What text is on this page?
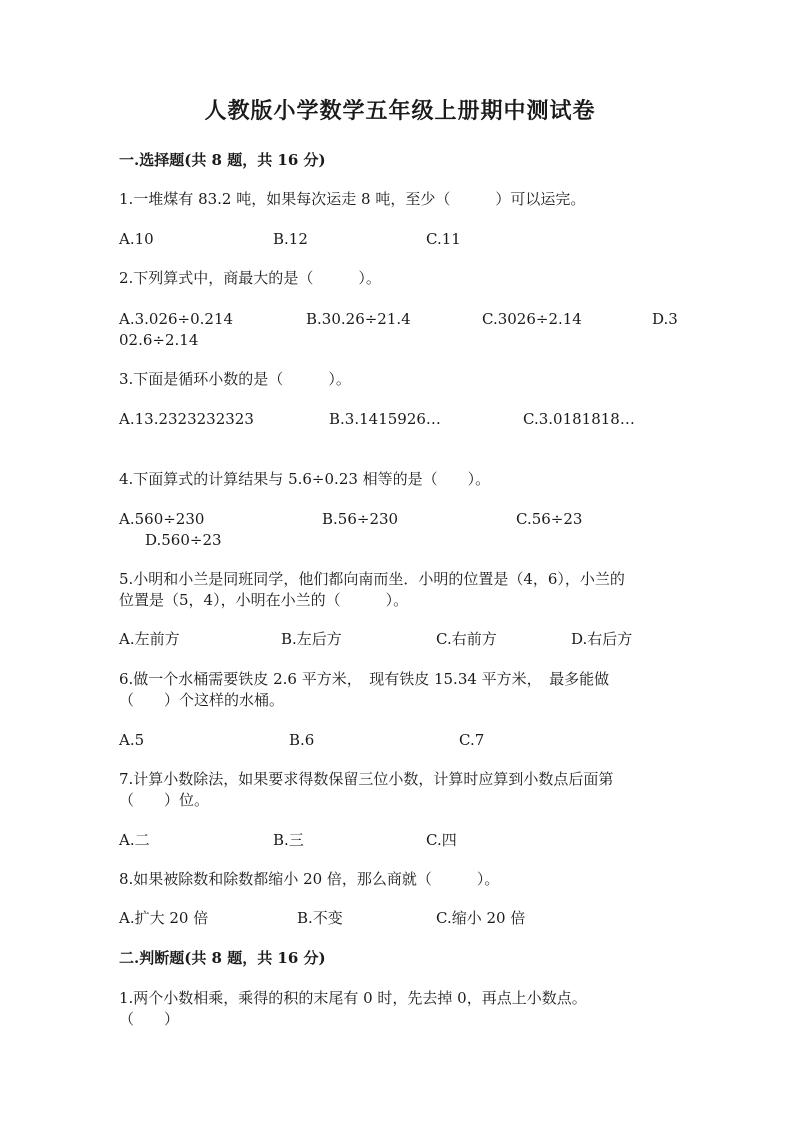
人教版小学数学五年级上册期中测试卷
一.选择题(共 8 题，共 16 分)
1.一堆煤有 83.2 吨，如果每次运走 8 吨，至少（　　　）可以运完。
A.10	B.12	C.11
2.下列算式中，商最大的是（　　　）。
A.3.026÷0.214	B.30.26÷21.4	C.3026÷2.14	D.3
02.6÷2.14
3.下面是循环小数的是（　　　）。
A.13.2323232323	B.3.1415926…	C.3.0181818…
4.下面算式的计算结果与 5.6÷0.23 相等的是（　　）。
A.560÷230	B.56÷230	C.56÷23
D.560÷23
5.小明和小兰是同班同学，他们都向南而坐．小明的位置是（4，6），小兰的
位置是（5，4），小明在小兰的（　　　）。
A.左前方	B.左后方	C.右前方	D.右后方
6.做一个水桶需要铁皮 2.6 平方米，　现有铁皮 15.34 平方米，　最多能做
（　　）个这样的水桶。
A.5	B.6	C.7
7.计算小数除法，如果要求得数保留三位小数，计算时应算到小数点后面第
（　　）位。
A.二	B.三	C.四
8.如果被除数和除数都缩小 20 倍，那么商就（　　　）。
A.扩大 20 倍	B.不变	C.缩小 20 倍
二.判断题(共 8 题，共 16 分)
1.两个小数相乘，乘得的积的末尾有 0 时，先去掉 0，再点上小数点。
（　　）
